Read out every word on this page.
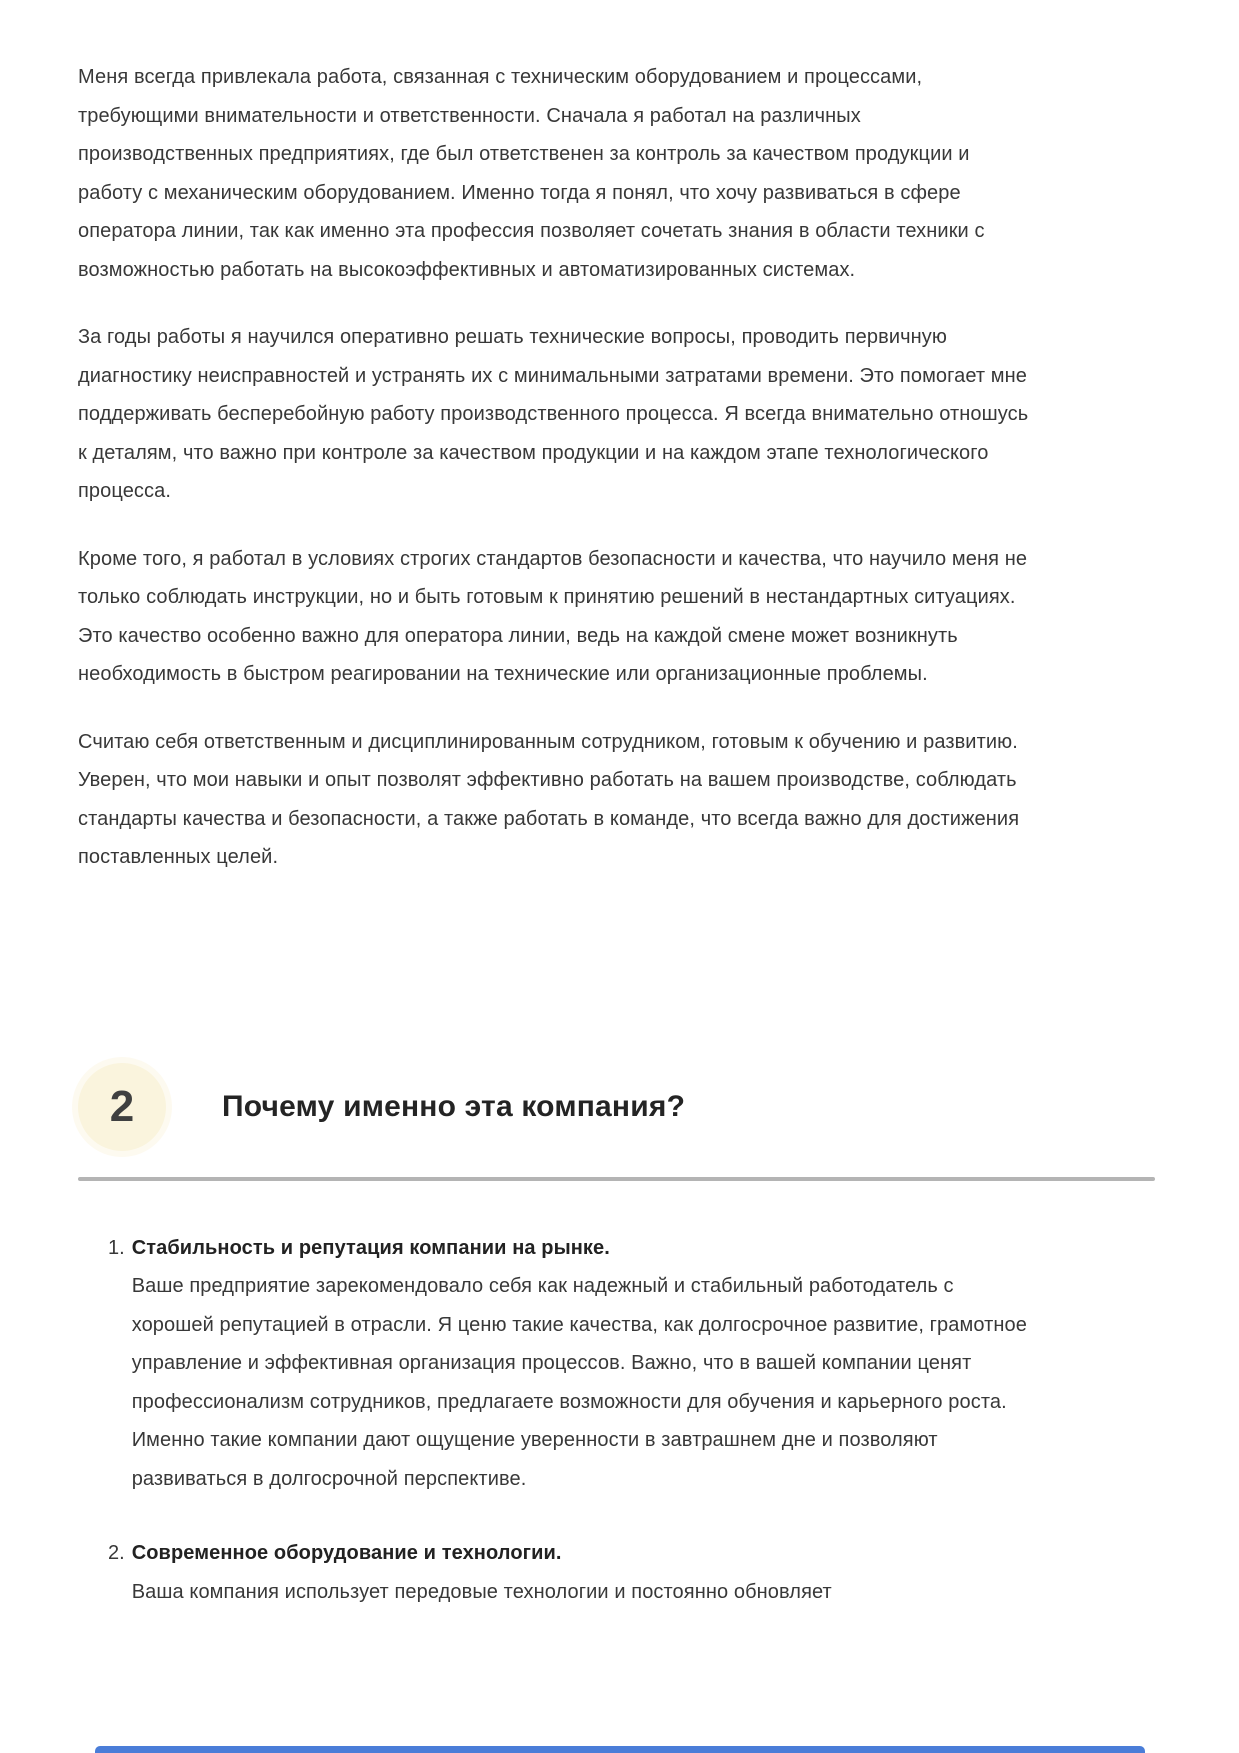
Меня всегда привлекала работа, связанная с техническим оборудованием и процессами, требующими внимательности и ответственности. Сначала я работал на различных производственных предприятиях, где был ответственен за контроль за качеством продукции и работу с механическим оборудованием. Именно тогда я понял, что хочу развиваться в сфере оператора линии, так как именно эта профессия позволяет сочетать знания в области техники с возможностью работать на высокоэффективных и автоматизированных системах.

За годы работы я научился оперативно решать технические вопросы, проводить первичную диагностику неисправностей и устранять их с минимальными затратами времени. Это помогает мне поддерживать бесперебойную работу производственного процесса. Я всегда внимательно отношусь к деталям, что важно при контроле за качеством продукции и на каждом этапе технологического процесса.

Кроме того, я работал в условиях строгих стандартов безопасности и качества, что научило меня не только соблюдать инструкции, но и быть готовым к принятию решений в нестандартных ситуациях. Это качество особенно важно для оператора линии, ведь на каждой смене может возникнуть необходимость в быстром реагировании на технические или организационные проблемы.

Считаю себя ответственным и дисциплинированным сотрудником, готовым к обучению и развитию. Уверен, что мои навыки и опыт позволят эффективно работать на вашем производстве, соблюдать стандарты качества и безопасности, а также работать в команде, что всегда важно для достижения поставленных целей.

2	Почему именно эта компания?
1. Стабильность и репутация компании на рынке.

Ваше предприятие зарекомендовало себя как надежный и стабильный работодатель с хорошей репутацией в отрасли. Я ценю такие качества, как долгосрочное развитие, грамотное управление и эффективная организация процессов. Важно, что в вашей компании ценят профессионализм сотрудников, предлагаете возможности для обучения и карьерного роста. Именно такие компании дают ощущение уверенности в завтрашнем дне и позволяют развиваться в долгосрочной перспективе.

2. Современное оборудование и технологии.

Ваша компания использует передовые технологии и постоянно обновляет
